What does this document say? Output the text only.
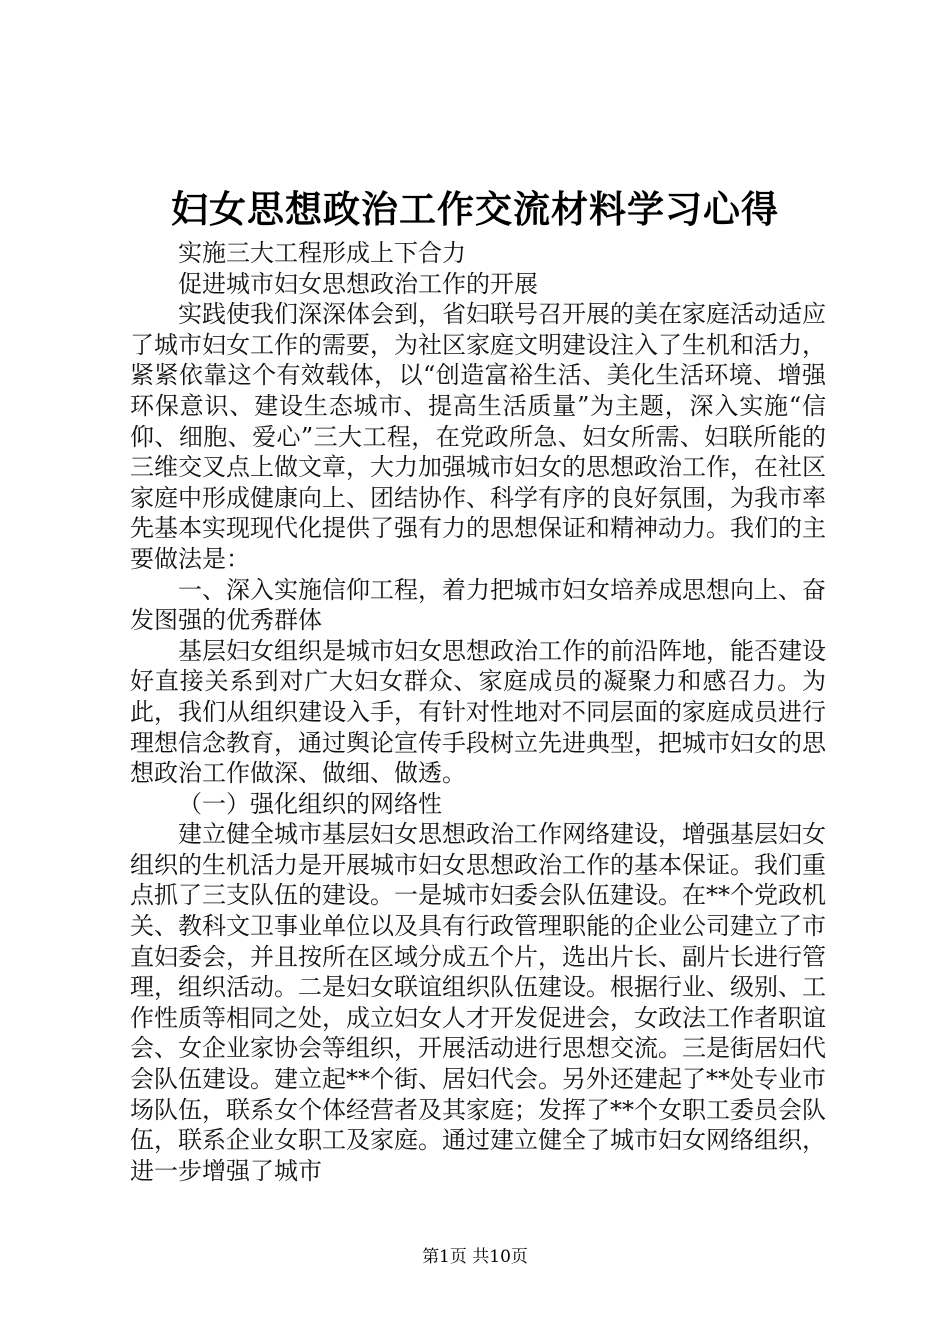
妇女思想政治工作交流材料学习心得

实施三大工程形成上下合力

促进城市妇女思想政治工作的开展

实践使我们深深体会到，省妇联号召开展的美在家庭活动适应了城市妇女工作的需要，为社区家庭文明建设注入了生机和活力，紧紧依靠这个有效载体，以“创造富裕生活、美化生活环境、增强环保意识、建设生态城市、提高生活质量”为主题，深入实施“信仰、细胞、爱心”三大工程，在党政所急、妇女所需、妇联所能的三维交叉点上做文章，大力加强城市妇女的思想政治工作，在社区家庭中形成健康向上、团结协作、科学有序的良好氛围，为我市率先基本实现现代化提供了强有力的思想保证和精神动力。我们的主要做法是：

一、深入实施信仰工程，着力把城市妇女培养成思想向上、奋发图强的优秀群体

基层妇女组织是城市妇女思想政治工作的前沿阵地，能否建设好直接关系到对广大妇女群众、家庭成员的凝聚力和感召力。为此，我们从组织建设入手，有针对性地对不同层面的家庭成员进行理想信念教育，通过舆论宣传手段树立先进典型，把城市妇女的思想政治工作做深、做细、做透。

（一）强化组织的网络性

建立健全城市基层妇女思想政治工作网络建设，增强基层妇女组织的生机活力是开展城市妇女思想政治工作的基本保证。我们重点抓了三支队伍的建设。一是城市妇委会队伍建设。在**个党政机关、教科文卫事业单位以及具有行政管理职能的企业公司建立了市直妇委会，并且按所在区域分成五个片，选出片长、副片长进行管理，组织活动。二是妇女联谊组织队伍建设。根据行业、级别、工作性质等相同之处，成立妇女人才开发促进会，女政法工作者职谊会、女企业家协会等组织，开展活动进行思想交流。三是街居妇代会队伍建设。建立起**个街、居妇代会。另外还建起了**处专业市场队伍，联系女个体经营者及其家庭；发挥了**个女职工委员会队伍，联系企业女职工及家庭。通过建立健全了城市妇女网络组织，进一步增强了城市

第1页 共10页
